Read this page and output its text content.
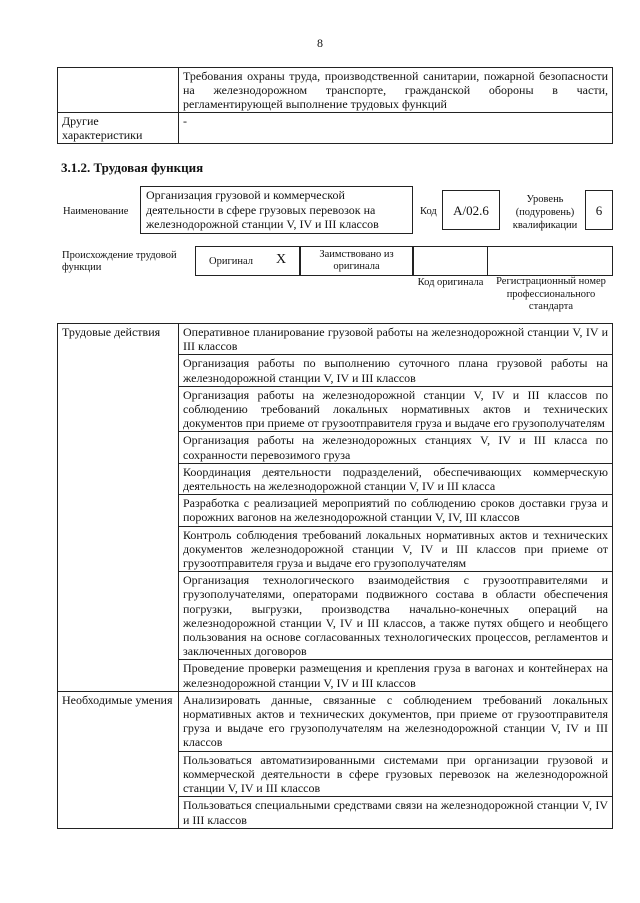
8
	Требования охраны труда, производственной санитарии, пожарной безопасности на железнодорожном транспорте, гражданской обороны в части, регламентирующей выполнение трудовых функций
Другие характеристики	-
3.1.2. Трудовая функция
Наименование
Организация грузовой и коммерческой деятельности в сфере грузовых перевозок на железнодорожной станции V, IV и III классов
Код	А/02.6
Уровень (подуровень) квалификации
6
Происхождение трудовой функции
Оригинал X	Заимствовано из оригинала
Код оригинала	Регистрационный номер профессионального стандарта
Трудовые действия	Оперативное планирование грузовой работы на железнодорожной станции V, IV и III классов
	Организация работы по выполнению суточного плана грузовой работы на железнодорожной станции V, IV и III классов
	Организация работы на железнодорожной станции V, IV и III классов по соблюдению требований локальных нормативных актов и технических документов при приеме от грузоотправителя груза и выдаче его грузополучателям
	Организация работы на железнодорожных станциях V, IV и III класса по сохранности перевозимого груза
	Координация деятельности подразделений, обеспечивающих коммерческую деятельность на железнодорожной станции V, IV и III класса
	Разработка с реализацией мероприятий по соблюдению сроков доставки груза и порожних вагонов на железнодорожной станции V, IV, III классов
	Контроль соблюдения требований локальных нормативных актов и технических документов железнодорожной станции V, IV и III классов при приеме от грузоотправителя груза и выдаче его грузополучателям
	Организация технологического взаимодействия с грузоотправителями и грузополучателями, операторами подвижного состава в области обеспечения погрузки, выгрузки, производства начально-конечных операций на железнодорожной станции V, IV и III классов, а также путях общего и необщего пользования на основе согласованных технологических процессов, регламентов и заключенных договоров
	Проведение проверки размещения и крепления груза в вагонах и контейнерах на железнодорожной станции V, IV и III классов
Необходимые умения	Анализировать данные, связанные с соблюдением требований локальных нормативных актов и технических документов, при приеме от грузоотправителя груза и выдаче его грузополучателям на железнодорожной станции V, IV и III классов
	Пользоваться автоматизированными системами при организации грузовой и коммерческой деятельности в сфере грузовых перевозок на железнодорожной станции V, IV и III классов
	Пользоваться специальными средствами связи на железнодорожной станции V, IV и III классов
